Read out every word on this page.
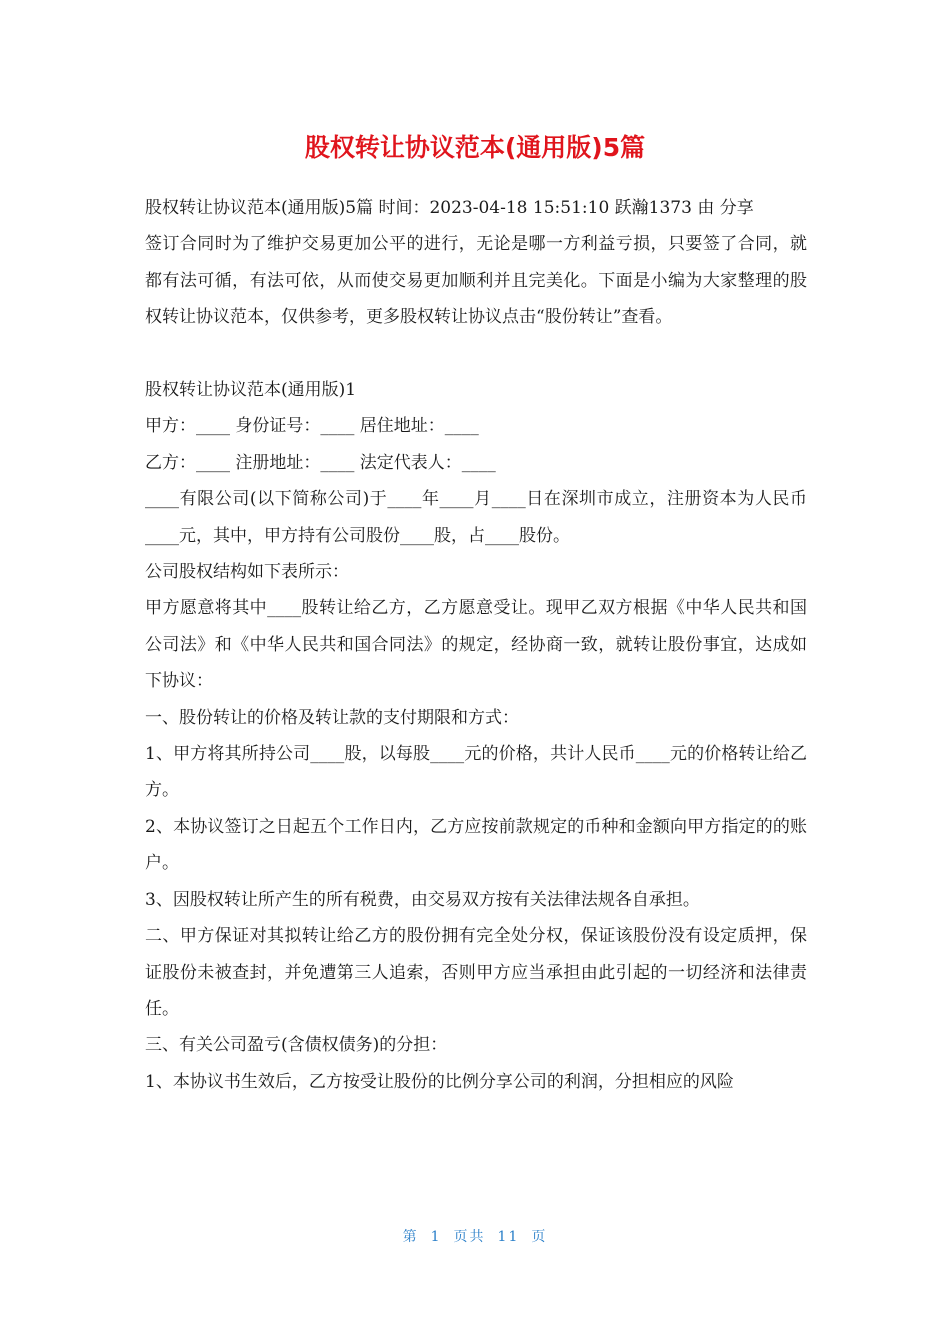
股权转让协议范本(通用版)5篇

股权转让协议范本(通用版)5篇 时间：2023-04-18 15:51:10 跃瀚1373 由 分享

签订合同时为了维护交易更加公平的进行，无论是哪一方利益亏损，只要签了合同，就都有法可循，有法可依，从而使交易更加顺利并且完美化。下面是小编为大家整理的股权转让协议范本，仅供参考，更多股权转让协议点击“股份转让”查看。

股权转让协议范本(通用版)1

甲方：____ 身份证号：____ 居住地址：____

乙方：____ 注册地址：____ 法定代表人：____

____有限公司(以下简称公司)于____年____月____日在深圳市成立，注册资本为人民币____元，其中，甲方持有公司股份____股，占____股份。

公司股权结构如下表所示：

甲方愿意将其中____股转让给乙方，乙方愿意受让。现甲乙双方根据《中华人民共和国公司法》和《中华人民共和国合同法》的规定，经协商一致，就转让股份事宜，达成如下协议：

一、股份转让的价格及转让款的支付期限和方式：

1、甲方将其所持公司____股，以每股____元的价格，共计人民币____元的价格转让给乙方。

2、本协议签订之日起五个工作日内，乙方应按前款规定的币种和金额向甲方指定的的账户。

3、因股权转让所产生的所有税费，由交易双方按有关法律法规各自承担。

二、甲方保证对其拟转让给乙方的股份拥有完全处分权，保证该股份没有设定质押，保证股份未被查封，并免遭第三人追索，否则甲方应当承担由此引起的一切经济和法律责任。

三、有关公司盈亏(含债权债务)的分担：

1、本协议书生效后，乙方按受让股份的比例分享公司的利润，分担相应的风险

第 1 页共 11 页
